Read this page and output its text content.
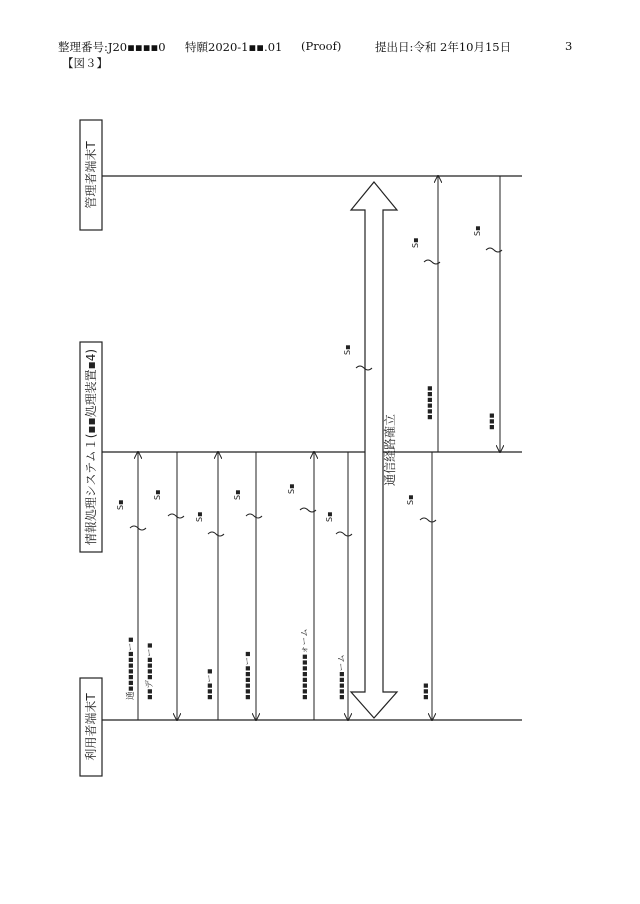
整理番号:J20▪▪▪▪0 特願2020-1▪▪.01 (Proof)	提出日:令和 2年10月15日	3
【図３】
管理者端末T
情報処理システム１(▪▪処理装置▪4)
利用者端末T
S▪
S▪
S▪
S▪
S▪
S▪
通▪▪▪▪▪▪▪ー▪ ▪▪デ▪▪▪▪ー▪	▪▪▪ー▪	▪▪▪▪▪▪ー▪	▪▪▪▪▪▪▪▪ォーム	▪▪▪▪▪ーム
通信経路確立
S▪
S▪
▪▪▪
S▪
▪▪▪▪▪▪
S▪
▪▪▪
